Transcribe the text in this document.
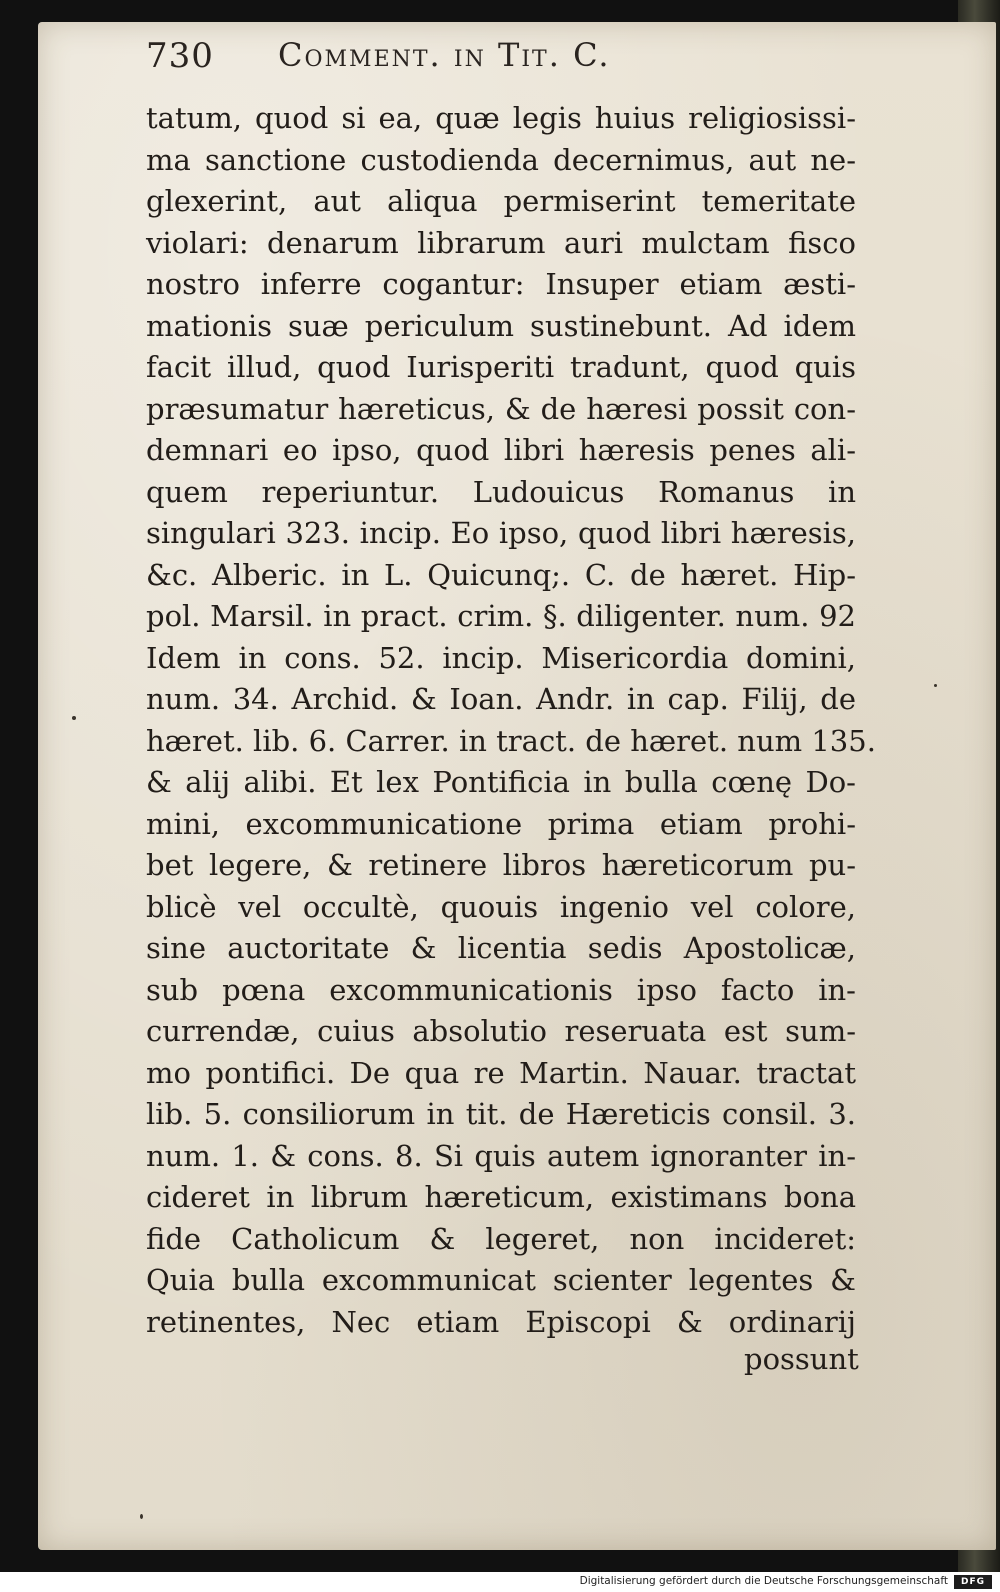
730 Comment. in Tit. C.
tatum, quod si ea, quæ legis huius religiosissi-
ma sanctione custodienda decernimus, aut ne-
glexerint, aut aliqua permiserint temeritate
violari: denarum librarum auri mulctam fisco
nostro inferre cogantur: Insuper etiam æsti-
mationis suæ periculum sustinebunt. Ad idem
facit illud, quod Iurisperiti tradunt, quod quis
præsumatur hæreticus, & de hæresi possit con-
demnari eo ipso, quod libri hæresis penes ali-
quem reperiuntur. Ludouicus Romanus in
singulari 323. incip. Eo ipso, quod libri hæresis,
&c. Alberic. in L. Quicunq;. C. de hæret. Hip-
pol. Marsil. in pract. crim. §. diligenter. num. 92
Idem in cons. 52. incip. Misericordia domini,
num. 34. Archid. & Ioan. Andr. in cap. Filij, de
hæret. lib. 6. Carrer. in tract. de hæret. num 135.
& alij alibi. Et lex Pontificia in bulla cœnę Do-
mini, excommunicatione prima etiam prohi-
bet legere, & retinere libros hæreticorum pu-
blicè vel occultè, quouis ingenio vel colore,
sine auctoritate & licentia sedis Apostolicæ,
sub pœna excommunicationis ipso facto in-
currendæ, cuius absolutio reseruata est sum-
mo pontifici. De qua re Martin. Nauar. tractat
lib. 5. consiliorum in tit. de Hæreticis consil. 3.
num. 1. & cons. 8. Si quis autem ignoranter in-
cideret in librum hæreticum, existimans bona
fide Catholicum & legeret, non incideret:
Quia bulla excommunicat scienter legentes &
retinentes, Nec etiam Episcopi & ordinarij
possunt
Digitalisierung gefördert durch die Deutsche Forschungsgemeinschaft	DFG
